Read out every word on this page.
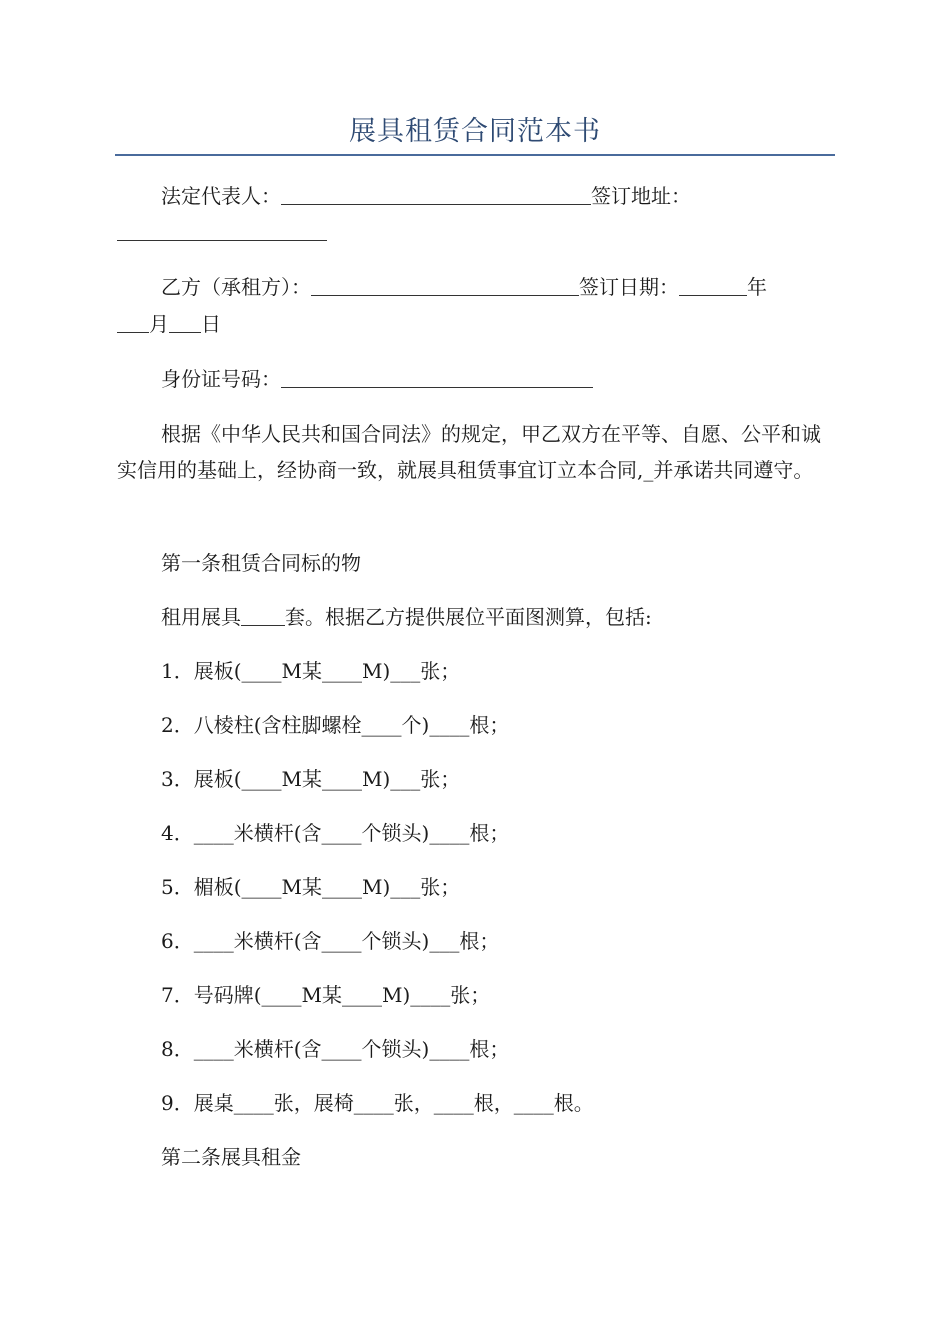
展具租赁合同范本书
法定代表人：	签订地址：
乙方（承租方）：	签订日期：	年
月 日
身份证号码：

根据《中华人民共和国合同法》的规定，甲乙双方在平等、自愿、公平和诚实信用的基础上，经协商一致，就展具租赁事宜订立本合同,_并承诺共同遵守。

第一条租赁合同标的物
租用展具 套。根据乙方提供展位平面图测算，包括:
1．展板(____M某____M)___张；
2．八棱柱(含柱脚螺栓____个)____根；
3．展板(____M某____M)___张；
4．____米横杆(含____个锁头)____根；
5．楣板(____M某____M)___张；
6．____米横杆(含____个锁头)___根；
7．号码牌(____M某____M)____张；
8．____米横杆(含____个锁头)____根；
9．展桌____张，展椅____张，____根，____根。
第二条展具租金
